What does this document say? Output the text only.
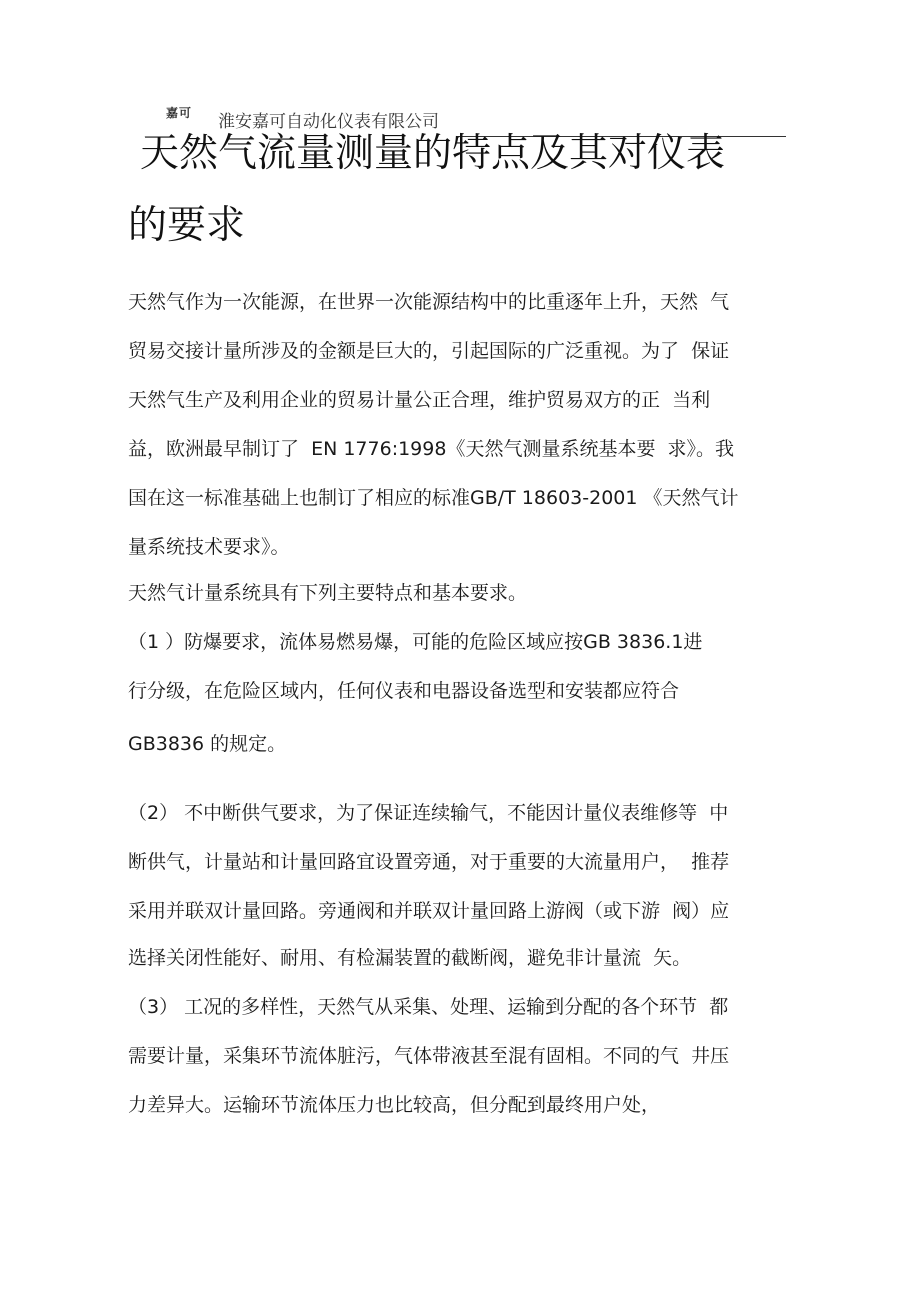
嘉可 淮安嘉可自动化仪表有限公司
天然气流量测量的特点及其对仪表
的要求
天然气作为一次能源，在世界一次能源结构中的比重逐年上升，天然  气
贸易交接计量所涉及的金额是巨大的，引起国际的广泛重视。为了  保证
天然气生产及利用企业的贸易计量公正合理，维护贸易双方的正  当利
益，欧洲最早制订了  EN 1776:1998《天然气测量系统基本要  求》。我
国在这一标准基础上也制订了相应的标准GB/T 18603-2001 《天然气计
量系统技术要求》。
天然气计量系统具有下列主要特点和基本要求。
（1 ）防爆要求，流体易燃易爆，可能的危险区域应按GB 3836.1进
行分级，在危险区域内，任何仪表和电器设备选型和安装都应符合
GB3836 的规定。
（2） 不中断供气要求，为了保证连续输气，不能因计量仪表维修等  中
断供气，计量站和计量回路宜设置旁通，对于重要的大流量用户，  推荐
采用并联双计量回路。旁通阀和并联双计量回路上游阀（或下游  阀）应
选择关闭性能好、耐用、有检漏装置的截断阀，避免非计量流  矢。
（3） 工况的多样性，天然气从采集、处理、运输到分配的各个环节  都
需要计量，采集环节流体脏污，气体带液甚至混有固相。不同的气  井压
力差异大。运输环节流体压力也比较高，但分配到最终用户处，
